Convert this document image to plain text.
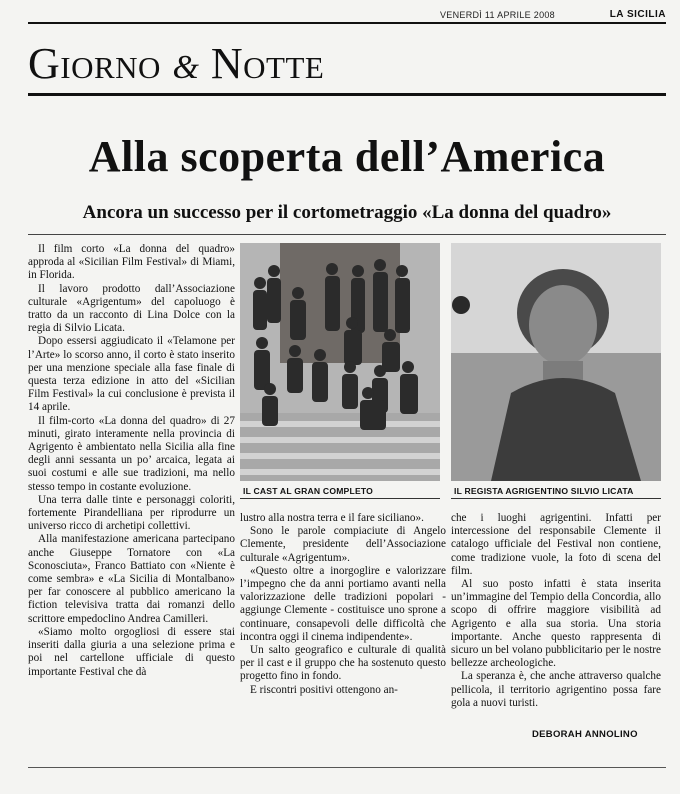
VENERDÌ 11 APRILE 2008	LA SICILIA
Giorno & Notte
Alla scoperta dell’America
Ancora un successo per il cortometraggio «La donna del quadro»

Il film corto «La donna del quadro» approda al «Sicilian Film Festival» di Miami, in Florida.

Il lavoro prodotto dall’Associazione culturale «Agrigentum» del capoluogo è tratto da un racconto di Lina Dolce con la regia di Silvio Licata.

Dopo essersi aggiudicato il «Telamone per l’Arte» lo scorso anno, il corto è stato inserito per una menzione speciale alla fase finale di questa terza edizione in atto del «Sicilian Film Festival» la cui conclusione è prevista il 14 aprile.

Il film-corto «La donna del quadro» di 27 minuti, girato interamente nella provincia di Agrigento è ambientato nella Sicilia alla fine degli anni sessanta un po’ arcaica, legata ai suoi costumi e alle sue tradizioni, ma nello stesso tempo in costante evoluzione.

Una terra dalle tinte e personaggi coloriti, fortemente Pirandelliana per riprodurre un universo ricco di archetipi collettivi.

Alla manifestazione americana partecipano anche Giuseppe Tornatore con «La Sconosciuta», Franco Battiato con «Niente è come sembra» e «La Sicilia di Montalbano» per far conoscere al pubblico americano la fiction televisiva tratta dai romanzi dello scrittore empedoclino Andrea Camilleri.

«Siamo molto orgogliosi di essere stai inseriti dalla giuria a una selezione prima e poi nel cartellone ufficiale di questo importante Festival che dà

IL CAST AL GRAN COMPLETO	IL REGISTA AGRIGENTINO SILVIO LICATA

lustro alla nostra terra e il fare siciliano».

Sono le parole compiaciute di Angelo Clemente, presidente dell’Associazione culturale «Agrigentum».

«Questo oltre a inorgoglire e valorizzare l’impegno che da anni portiamo avanti nella valorizzazione delle tradizioni popolari - aggiunge Clemente - costituisce uno sprone a continuare, consapevoli delle difficoltà che incontra oggi il cinema indipendente».

Un salto geografico e culturale di qualità per il cast e il gruppo che ha sostenuto questo progetto fino in fondo.

E riscontri positivi ottengono an-

che i luoghi agrigentini. Infatti per intercessione del responsabile Clemente il catalogo ufficiale del Festival non contiene, come tradizione vuole, la foto di scena del film.

Al suo posto infatti è stata inserita un’immagine del Tempio della Concordia, allo scopo di offrire maggiore visibilità ad Agrigento e alla sua storia. Una storia importante. Anche questo rappresenta di sicuro un bel volano pubblicitario per le nostre bellezze archeologiche.

La speranza è, che anche attraverso qualche pellicola, il territorio agrigentino possa fare gola a nuovi turisti.

DEBORAH ANNOLINO
